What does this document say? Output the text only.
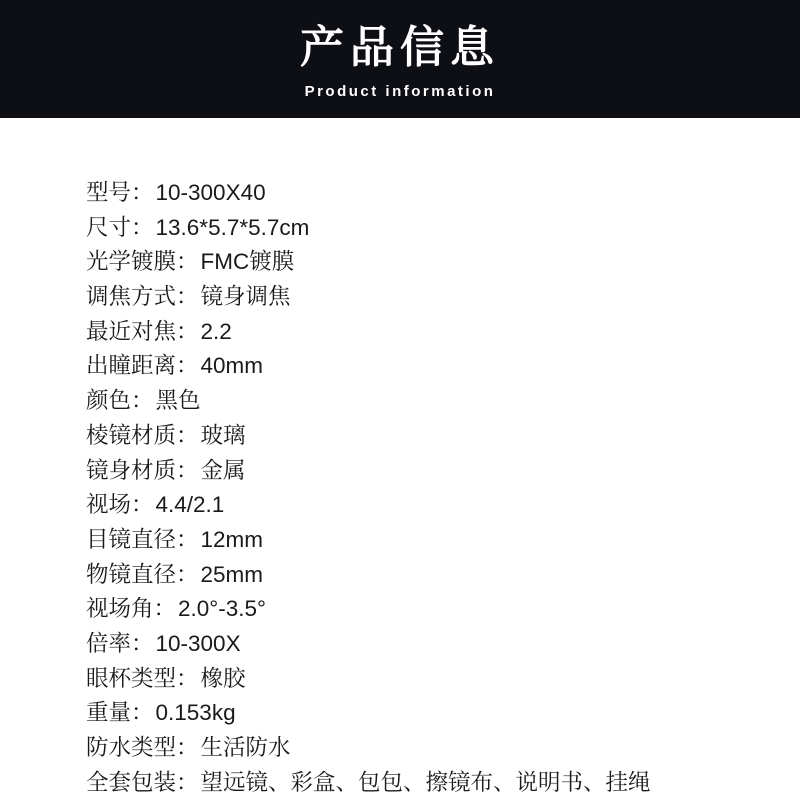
产品信息
Product information
型号： 10-300X40
尺寸： 13.6*5.7*5.7cm
光学镀膜： FMC镀膜
调焦方式： 镜身调焦
最近对焦： 2.2
出瞳距离： 40mm
颜色： 黑色
棱镜材质： 玻璃
镜身材质： 金属
视场： 4.4/2.1
目镜直径： 12mm
物镜直径： 25mm
视场角： 2.0°-3.5°
倍率： 10-300X
眼杯类型： 橡胶
重量： 0.153kg
防水类型： 生活防水
全套包装： 望远镜、彩盒、包包、擦镜布、说明书、挂绳
